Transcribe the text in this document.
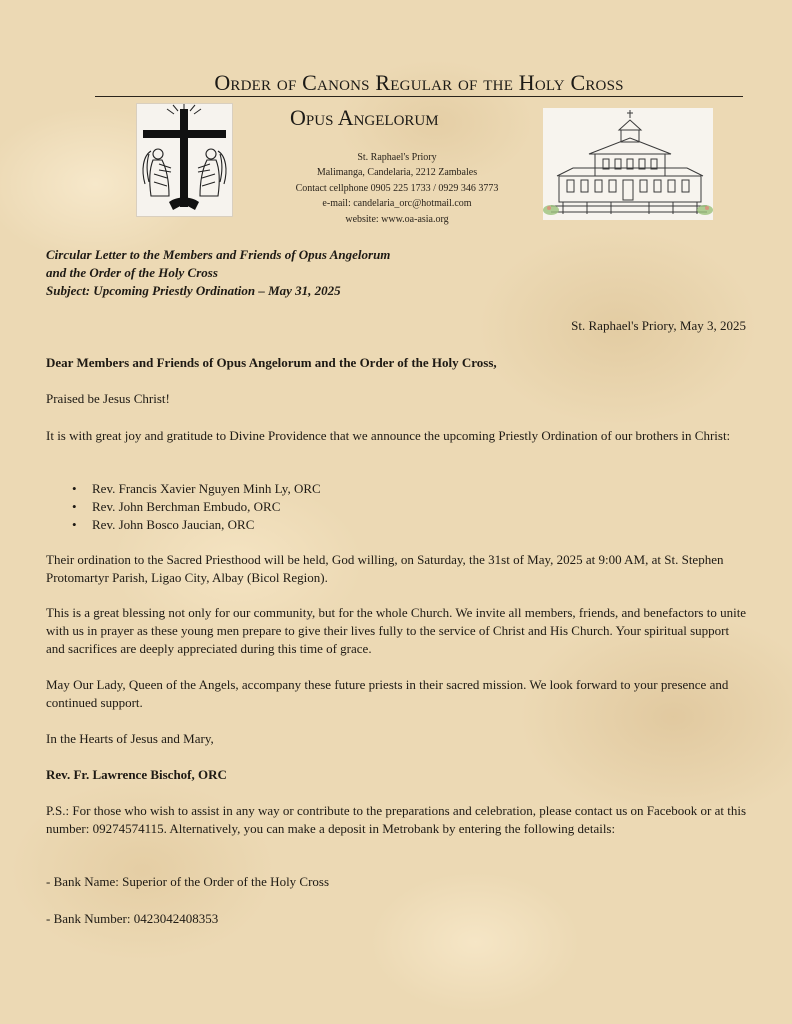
Order of Canons Regular of the Holy Cross
Opus Angelorum
St. Raphael's Priory
Malimanga, Candelaria, 2212 Zambales
Contact cellphone 0905 225 1733 / 0929 346 3773
e-mail: candelaria_orc@hotmail.com
website: www.oa-asia.org
Circular Letter to the Members and Friends of Opus Angelorum
and the Order of the Holy Cross
Subject: Upcoming Priestly Ordination – May 31, 2025
St. Raphael's Priory, May 3, 2025
Dear Members and Friends of Opus Angelorum and the Order of the Holy Cross,
Praised be Jesus Christ!
It is with great joy and gratitude to Divine Providence that we announce the upcoming Priestly Ordination of our brothers in Christ:
• Rev. Francis Xavier Nguyen Minh Ly, ORC
• Rev. John Berchman Embudo, ORC
• Rev. John Bosco Jaucian, ORC
Their ordination to the Sacred Priesthood will be held, God willing, on Saturday, the 31st of May, 2025 at 9:00 AM, at St. Stephen Protomartyr Parish, Ligao City, Albay (Bicol Region).
This is a great blessing not only for our community, but for the whole Church. We invite all members, friends, and benefactors to unite with us in prayer as these young men prepare to give their lives fully to the service of Christ and His Church. Your spiritual support and sacrifices are deeply appreciated during this time of grace.
May Our Lady, Queen of the Angels, accompany these future priests in their sacred mission. We look forward to your presence and continued support.
In the Hearts of Jesus and Mary,
Rev. Fr. Lawrence Bischof, ORC
P.S.: For those who wish to assist in any way or contribute to the preparations and celebration, please contact us on Facebook or at this number: 09274574115. Alternatively, you can make a deposit in Metrobank by entering the following details:
- Bank Name: Superior of the Order of the Holy Cross
- Bank Number: 0423042408353
